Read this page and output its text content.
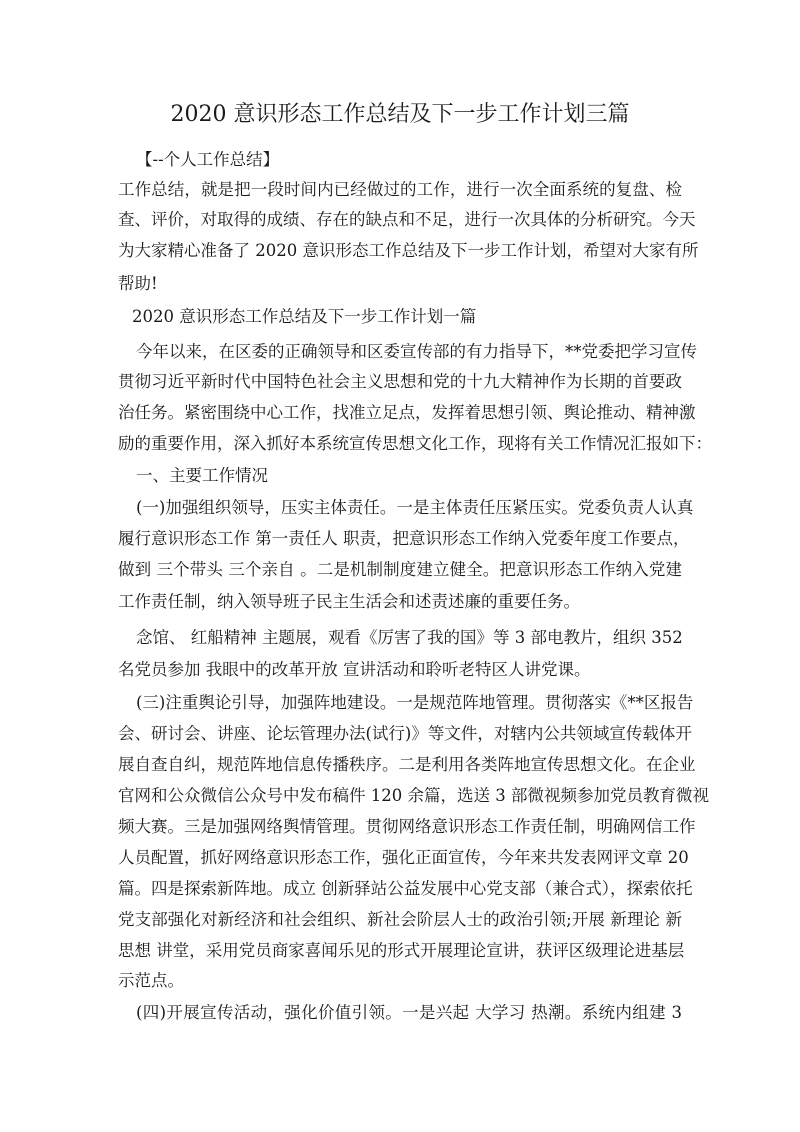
2020 意识形态工作总结及下一步工作计划三篇
【--个人工作总结】
工作总结，就是把一段时间内已经做过的工作，进行一次全面系统的复盘、检
查、评价，对取得的成绩、存在的缺点和不足，进行一次具体的分析研究。今天
为大家精心准备了 2020 意识形态工作总结及下一步工作计划，希望对大家有所
帮助!
2020 意识形态工作总结及下一步工作计划一篇
今年以来，在区委的正确领导和区委宣传部的有力指导下，**党委把学习宣传
贯彻习近平新时代中国特色社会主义思想和党的十九大精神作为长期的首要政
治任务。紧密围绕中心工作，找准立足点，发挥着思想引领、舆论推动、精神激
励的重要作用，深入抓好本系统宣传思想文化工作，现将有关工作情况汇报如下：
一、主要工作情况
(一)加强组织领导，压实主体责任。一是主体责任压紧压实。党委负责人认真
履行意识形态工作 第一责任人 职责，把意识形态工作纳入党委年度工作要点，
做到 三个带头 三个亲自 。二是机制制度建立健全。把意识形态工作纳入党建
工作责任制，纳入领导班子民主生活会和述责述廉的重要任务。
念馆、 红船精神 主题展，观看《厉害了我的国》等 3 部电教片，组织 352
名党员参加 我眼中的改革开放 宣讲活动和聆听老特区人讲党课。
(三)注重舆论引导，加强阵地建设。一是规范阵地管理。贯彻落实《**区报告
会、研讨会、讲座、论坛管理办法(试行)》等文件，对辖内公共领域宣传载体开
展自查自纠，规范阵地信息传播秩序。二是利用各类阵地宣传思想文化。在企业
官网和公众微信公众号中发布稿件 120 余篇，选送 3 部微视频参加党员教育微视
频大赛。三是加强网络舆情管理。贯彻网络意识形态工作责任制，明确网信工作
人员配置，抓好网络意识形态工作，强化正面宣传，今年来共发表网评文章 20
篇。四是探索新阵地。成立 创新驿站公益发展中心党支部（兼合式），探索依托
党支部强化对新经济和社会组织、新社会阶层人士的政治引领;开展 新理论 新
思想 讲堂，采用党员商家喜闻乐见的形式开展理论宣讲，获评区级理论进基层
示范点。
(四)开展宣传活动，强化价值引领。一是兴起 大学习 热潮。系统内组建 3
